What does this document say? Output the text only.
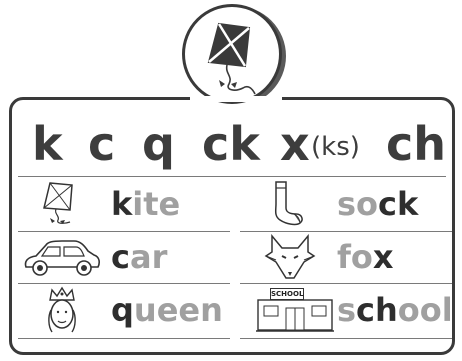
k c q ck x (ks) ch
kite	sock
car	fox
queen	SCHOOL school
